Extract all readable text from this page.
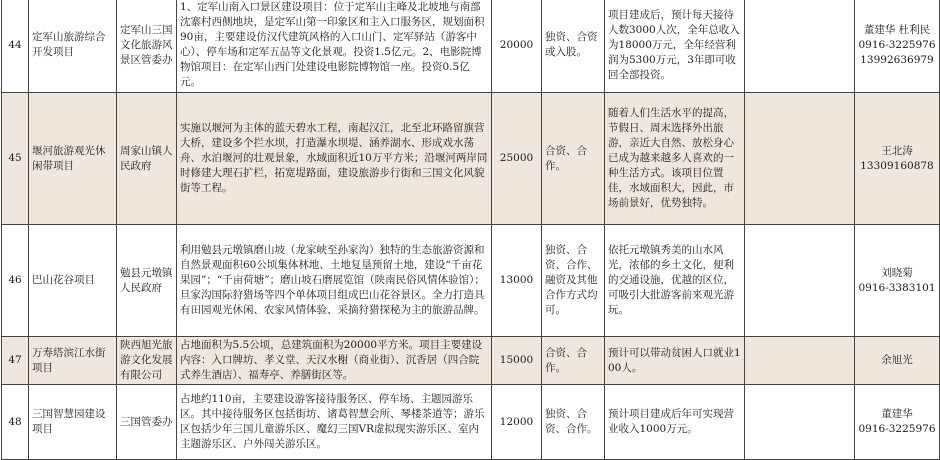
44	定军山旅游综合开发项目	定军山三国文化旅游风景区管委办	1、定军山南入口景区建设项目：位于定军山主峰及北坡地与南部沈寨村西侧地块，是定军山第一印象区和主入口服务区，规划面积90亩，主要建设仿汉代建筑风格的入口山门、定军驿站（游客中心）、停车场和定军五品等文化景观。投资1.5亿元。2、电影院博物馆项目：在定军山西门处建设电影院博物馆一座。投资0.5亿元。	20000	独资、合资或入股。	项目建成后，预计每天接待人数3000人次，全年总收入为18000万元，全年经营利润为5300万元，3年即可收回全部投资。		董建华 杜利民
0916-3225976 13992636979

45	堰河旅游观光休闲带项目	周家山镇人民政府	实施以堰河为主体的蓝天碧水工程，南起汉江，北至北环路留旗营大桥，建设多个拦水坝，打造瀑水坝堤、涵养湖水、形成戏水荡舟、水泊堰河的壮观景象，水域面积近10万平方米；沿堰河两岸同时修建大理石扩栏，拓宽堤路面，建设旅游步行街和三国文化风貌街等工程。	25000	合资、合作。	随着人们生活水平的提高，节假日、周末选择外出旅游，亲近大自然、放松身心已成为越来越多人喜欢的一种生活方式。该项目位置佳，水域面积大，因此，市场前景好，优势独特。		王北涛
13309160878

46	巴山花谷项目	勉县元墩镇人民政府	利用勉县元墩镇磨山坡（龙家峡至孙家沟）独特的生态旅游资源和自然景观面积60公顷集体林地、土地复垦预留土地，建设“千亩花果园”；“千亩荷塘”；磨山坡石磨展览馆（陕南民俗风情体验馆）；旦家沟国际狩猎场等四个单体项目组成巴山花谷景区。全力打造具有田园观光休闲、农家风情体验、采摘狩猎探秘为主的旅游品牌。	13000	独资、合资、合作、融资及其他合作方式均可。	依托元墩镇秀美的山水风光，浓郁的乡土文化，便利的交通设施，优越的区位，可吸引大批游客前来观光游玩。		刘晓菊
0916-3383101

47	万寿塔滨江水街项目	陕西旭光旅游文化发展有限公司	占地面积为5.5公顷，总建筑面积为20000平方米。项目主要建设内容：入口牌坊、孝义堂、天汉水榭（商业街）、沉香居（四合院式养生酒店）、福寿亭、养膳街区等。	15000	合资、合作。	预计可以带动贫困人口就业100人。		余旭光

48	三国智慧园建设项目	三国管委办	占地约110亩，主要建设游客接待服务区、停车场、主题园游乐区。其中接待服务区包括街坊、诸葛智慧会所、琴楼茶道等；游乐区包括少年三国儿童游乐区、魔幻三国VR虚拟现实游乐区、室内主题游乐区、户外闯关游乐区。	12000	独资、合资、合作。	预计项目建成后年可实现营业收入1000万元。		董建华
0916-3225976
